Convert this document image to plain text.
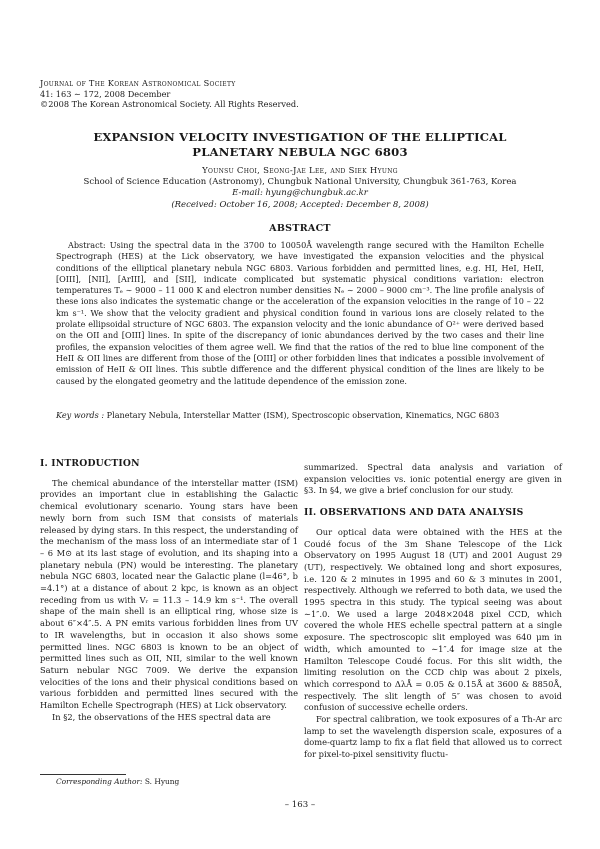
Journal of The Korean Astronomical Society
41: 163 ∼ 172, 2008 December
©2008 The Korean Astronomical Society. All Rights Reserved.
EXPANSION VELOCITY INVESTIGATION OF THE ELLIPTICAL
PLANETARY NEBULA NGC 6803
Younsu Choi, Seong-Jae Lee, and Siek Hyung
School of Science Education (Astronomy), Chungbuk National University, Chungbuk 361-763, Korea
E-mail: hyung@chungbuk.ac.kr
(Received: October 16, 2008; Accepted: December 8, 2008)
ABSTRACT
Abstract: Using the spectral data in the 3700 to 10050Å wavelength range secured with the Hamilton Echelle Spectrograph (HES) at the Lick observatory, we have investigated the expansion velocities and the physical conditions of the elliptical planetary nebula NGC 6803. Various forbidden and permitted lines, e.g. HI, HeI, HeII, [OIII], [NII], [ArIII], and [SII], indicate complicated but systematic physical conditions variation: electron temperatures Tₑ ∼ 9000 – 11 000 K and electron number densities Nₑ ∼ 2000 – 9000 cm⁻³. The line profile analysis of these ions also indicates the systematic change or the acceleration of the expansion velocities in the range of 10 – 22 km s⁻¹. We show that the velocity gradient and physical condition found in various ions are closely related to the prolate ellipsoidal structure of NGC 6803. The expansion velocity and the ionic abundance of O²⁺ were derived based on the OII and [OIII] lines. In spite of the discrepancy of ionic abundances derived by the two cases and their line profiles, the expansion velocities of them agree well. We find that the ratios of the red to blue line component of the HeII & OII lines are different from those of the [OIII] or other forbidden lines that indicates a possible involvement of emission of HeII & OII lines. This subtle difference and the different physical condition of the lines are likely to be caused by the elongated geometry and the latitude dependence of the emission zone.
Key words : Planetary Nebula, Interstellar Matter (ISM), Spectroscopic observation, Kinematics, NGC 6803
I. INTRODUCTION

The chemical abundance of the interstellar matter (ISM) provides an important clue in establishing the Galactic chemical evolutionary scenario. Young stars have been newly born from such ISM that consists of materials released by dying stars. In this respect, the understanding of the mechanism of the mass loss of an intermediate star of 1 – 6 M⊙ at its last stage of evolution, and its shaping into a planetary nebula (PN) would be interesting. The planetary nebula NGC 6803, located near the Galactic plane (l=46°, b =4.1°) at a distance of about 2 kpc, is known as an object receding from us with Vᵣ = 11.3 – 14.9 km s⁻¹. The overall shape of the main shell is an elliptical ring, whose size is about 6″×4″.5. A PN emits various forbidden lines from UV to IR wavelengths, but in occasion it also shows some permitted lines. NGC 6803 is known to be an object of permitted lines such as OII, NII, similar to the well known Saturn nebular NGC 7009. We derive the expansion velocities of the ions and their physical conditions based on various forbidden and permitted lines secured with the Hamilton Echelle Spectrograph (HES) at Lick observatory.

In §2, the observations of the HES spectral data are

summarized. Spectral data analysis and variation of expansion velocities vs. ionic potential energy are given in §3. In §4, we give a brief conclusion for our study.

II. OBSERVATIONS AND DATA ANALYSIS

Our optical data were obtained with the HES at the Coudé focus of the 3m Shane Telescope of the Lick Observatory on 1995 August 18 (UT) and 2001 August 29 (UT), respectively. We obtained long and short exposures, i.e. 120 & 2 minutes in 1995 and 60 & 3 minutes in 2001, respectively. Although we referred to both data, we used the 1995 spectra in this study. The typical seeing was about ∼1″.0. We used a large 2048×2048 pixel CCD, which covered the whole HES echelle spectral pattern at a single exposure. The spectroscopic slit employed was 640 μm in width, which amounted to ∼1″.4 for image size at the Hamilton Telescope Coudé focus. For this slit width, the limiting resolution on the CCD chip was about 2 pixels, which correspond to ΔλÅ = 0.05 & 0.15Å at 3600 & 8850Å, respectively. The slit length of 5″ was chosen to avoid confusion of successive echelle orders.

For spectral calibration, we took exposures of a Th-Ar arc lamp to set the wavelength dispersion scale, exposures of a dome-quartz lamp to fix a flat field that allowed us to correct for pixel-to-pixel sensitivity fluctu-

Corresponding Author: S. Hyung
– 163 –
